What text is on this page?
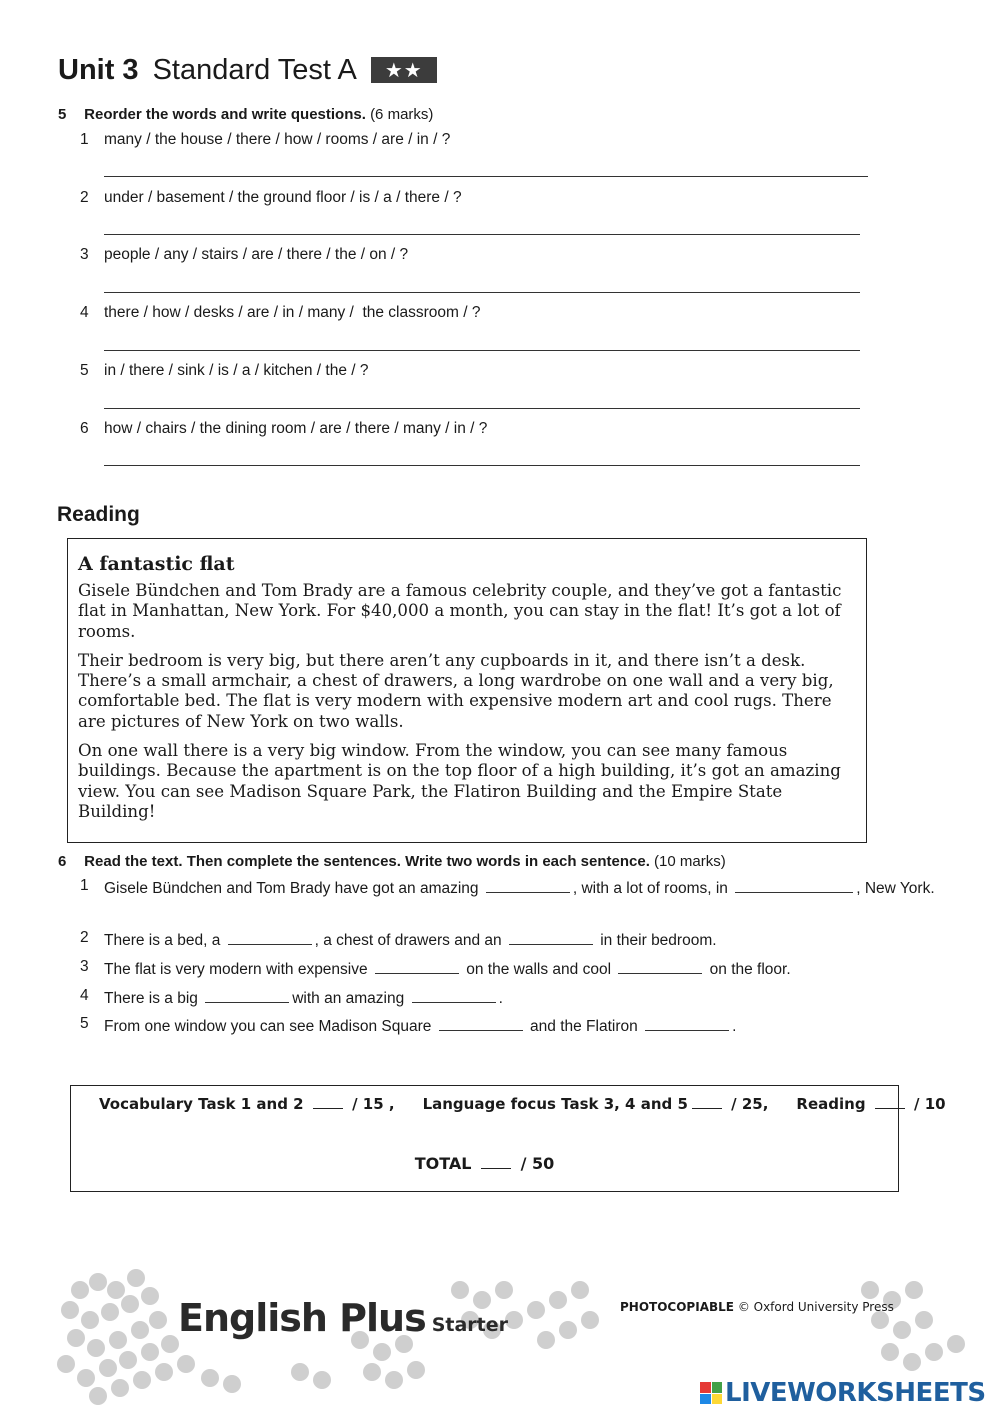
Unit 3 Standard Test A	★★
5 Reorder the words and write questions. (6 marks)
1 many / the house / there / how / rooms / are / in / ?
2 under / basement / the ground floor / is / a / there / ?
3 people / any / stairs / are / there / the / on / ?
4 there / how / desks / are / in / many /  the classroom / ?
5 in / there / sink / is / a / kitchen / the / ?
6 how / chairs / the dining room / are / there / many / in / ?
Reading
A fantastic flat

Gisele Bündchen and Tom Brady are a famous celebrity couple, and they’ve got a fantastic flat in Manhattan, New York. For $40,000 a month, you can stay in the flat! It’s got a lot of rooms.

Their bedroom is very big, but there aren’t any cupboards in it, and there isn’t a desk. There’s a small armchair, a chest of drawers, a long wardrobe on one wall and a very big, comfortable bed. The flat is very modern with expensive modern art and cool rugs. There are pictures of New York on two walls.

On one wall there is a very big window. From the window, you can see many famous buildings. Because the apartment is on the top floor of a high building, it’s got an amazing view. You can see Madison Square Park, the Flatiron Building and the Empire State Building!

6 Read the text. Then complete the sentences. Write two words in each sentence. (10 marks)
1 Gisele Bündchen and Tom Brady have got an amazing	, with a lot of rooms, in	, New York.
2 There is a bed, a	, a chest of drawers and an	in their bedroom.
3 The flat is very modern with expensive	on the walls and cool	on the floor.
4 There is a big	with an amazing	.
5 From one window you can see Madison Square	and the Flatiron	.
Vocabulary Task 1 and 2	/ 15 , Language focus Task 3, 4 and 5	/ 25, Reading	/ 10
TOTAL	/ 50
English Plus Starter
PHOTOCOPIABLE © Oxford University Press
LIVEWORKSHEETS
